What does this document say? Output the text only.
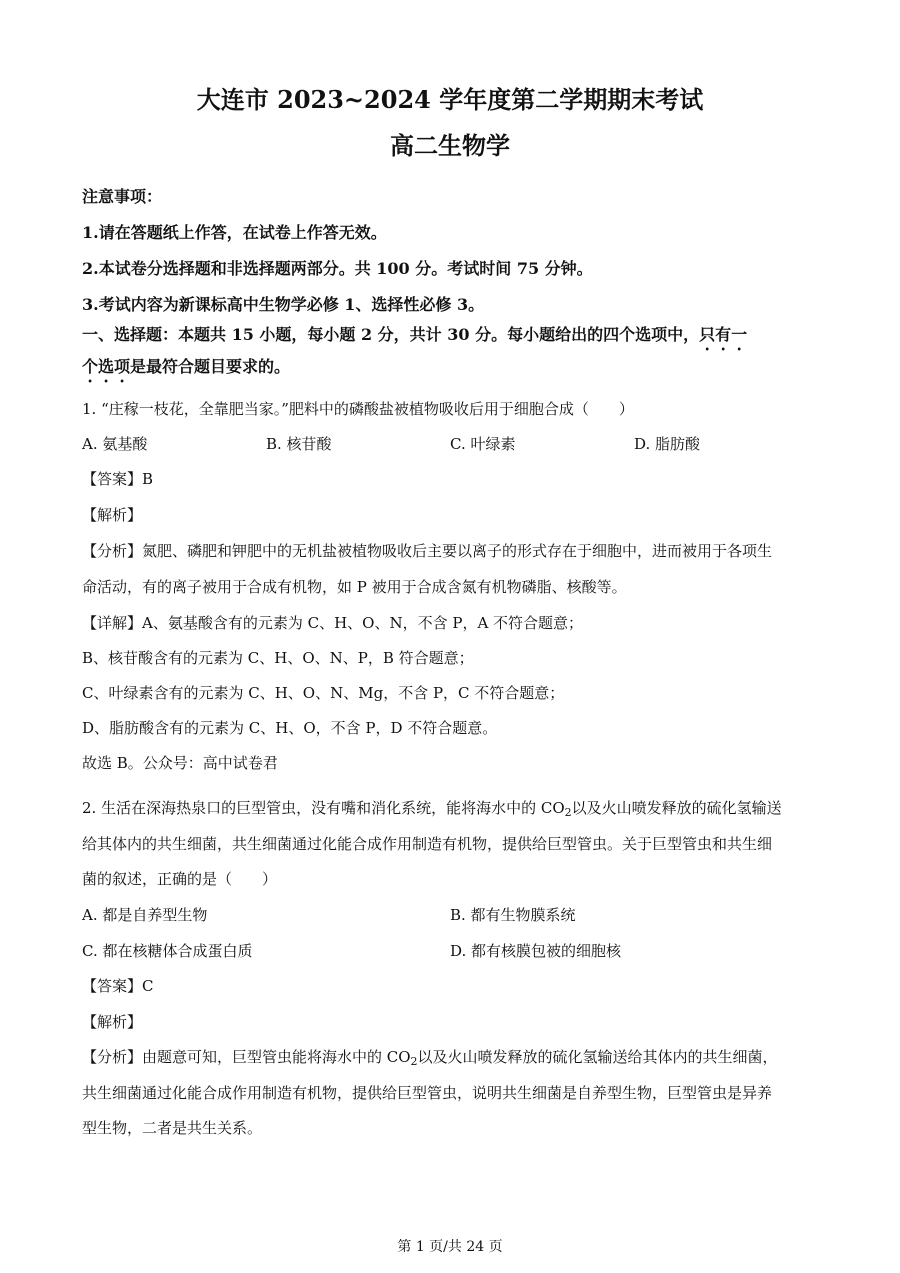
大连市 2023~2024 学年度第二学期期末考试
高二生物学
注意事项：
1.请在答题纸上作答，在试卷上作答无效。
2.本试卷分选择题和非选择题两部分。共 100 分。考试时间 75 分钟。
3.考试内容为新课标高中生物学必修 1、选择性必修 3。
一、选择题：本题共 15 小题，每小题 2 分，共计 30 分。每小题给出的四个选项中，只有一
个选项是最符合题目要求的。
1. “庄稼一枝花，全靠肥当家。”肥料中的磷酸盐被植物吸收后用于细胞合成（　　）
A. 氨基酸	B. 核苷酸	C. 叶绿素	D. 脂肪酸
【答案】B
【解析】
【分析】氮肥、磷肥和钾肥中的无机盐被植物吸收后主要以离子的形式存在于细胞中，进而被用于各项生
命活动，有的离子被用于合成有机物，如 P 被用于合成含氮有机物磷脂、核酸等。
【详解】A、氨基酸含有的元素为 C、H、O、N，不含 P，A 不符合题意；
B、核苷酸含有的元素为 C、H、O、N、P，B 符合题意；
C、叶绿素含有的元素为 C、H、O、N、Mg，不含 P，C 不符合题意；
D、脂肪酸含有的元素为 C、H、O，不含 P，D 不符合题意。
故选 B。公众号：高中试卷君
2. 生活在深海热泉口的巨型管虫，没有嘴和消化系统，能将海水中的 $CO_2$以及火山喷发释放的硫化氢输送
给其体内的共生细菌，共生细菌通过化能合成作用制造有机物，提供给巨型管虫。关于巨型管虫和共生细
菌的叙述，正确的是（　　）
A. 都是自养型生物	B. 都有生物膜系统
C. 都在核糖体合成蛋白质	D. 都有核膜包被的细胞核
【答案】C
【解析】
【分析】由题意可知，巨型管虫能将海水中的 $CO_2$以及火山喷发释放的硫化氢输送给其体内的共生细菌，
共生细菌通过化能合成作用制造有机物，提供给巨型管虫，说明共生细菌是自养型生物，巨型管虫是异养
型生物，二者是共生关系。
第 1 页/共 24 页
